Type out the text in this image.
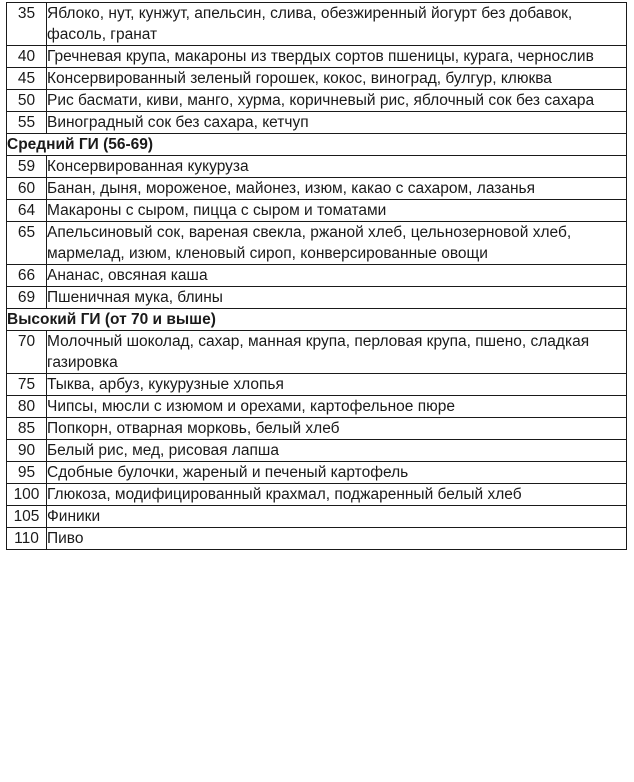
35	Яблоко, нут, кунжут, апельсин, слива, обезжиренный йогурт без добавок, фасоль, гранат
40	Гречневая крупа, макароны из твердых сортов пшеницы, курага, чернослив
45	Консервированный зеленый горошек, кокос, виноград, булгур, клюква
50	Рис басмати, киви, манго, хурма, коричневый рис, яблочный сок без сахара
55	Виноградный сок без сахара, кетчуп
Средний ГИ (56-69)	
59	Консервированная кукуруза
60	Банан, дыня, мороженое, майонез, изюм, какао с сахаром, лазанья
64	Макароны с сыром, пицца с сыром и томатами
65	Апельсиновый сок, вареная свекла, ржаной хлеб, цельнозерновой хлеб, мармелад, изюм, кленовый сироп, конверсированные овощи
66	Ананас, овсяная каша
69	Пшеничная мука, блины
Высокий ГИ (от 70 и выше)	
70	Молочный шоколад, сахар, манная крупа, перловая крупа, пшено, сладкая газировка
75	Тыква, арбуз, кукурузные хлопья
80	Чипсы, мюсли с изюмом и орехами, картофельное пюре
85	Попкорн, отварная морковь, белый хлеб
90	Белый рис, мед, рисовая лапша
95	Сдобные булочки, жареный и печеный картофель
100	Глюкоза, модифицированный крахмал, поджаренный белый хлеб
105	Финики
110	Пиво
